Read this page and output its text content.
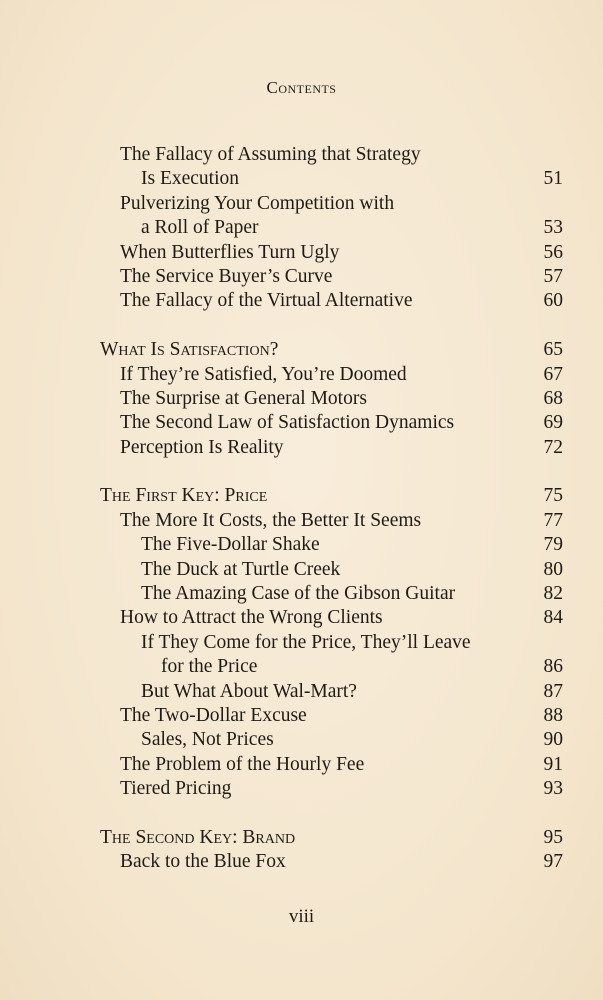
Contents
The Fallacy of Assuming that Strategy
Is Execution	51
Pulverizing Your Competition with
a Roll of Paper	53
When Butterflies Turn Ugly	56
The Service Buyer’s Curve	57
The Fallacy of the Virtual Alternative	60
What Is Satisfaction?	65
If They’re Satisfied, You’re Doomed	67
The Surprise at General Motors	68
The Second Law of Satisfaction Dynamics	69
Perception Is Reality	72
The First Key: Price	75
The More It Costs, the Better It Seems	77
The Five-Dollar Shake	79
The Duck at Turtle Creek	80
The Amazing Case of the Gibson Guitar	82
How to Attract the Wrong Clients	84
If They Come for the Price, They’ll Leave
for the Price	86
But What About Wal-Mart?	87
The Two-Dollar Excuse	88
Sales, Not Prices	90
The Problem of the Hourly Fee	91
Tiered Pricing	93
The Second Key: Brand	95
Back to the Blue Fox	97
viii
